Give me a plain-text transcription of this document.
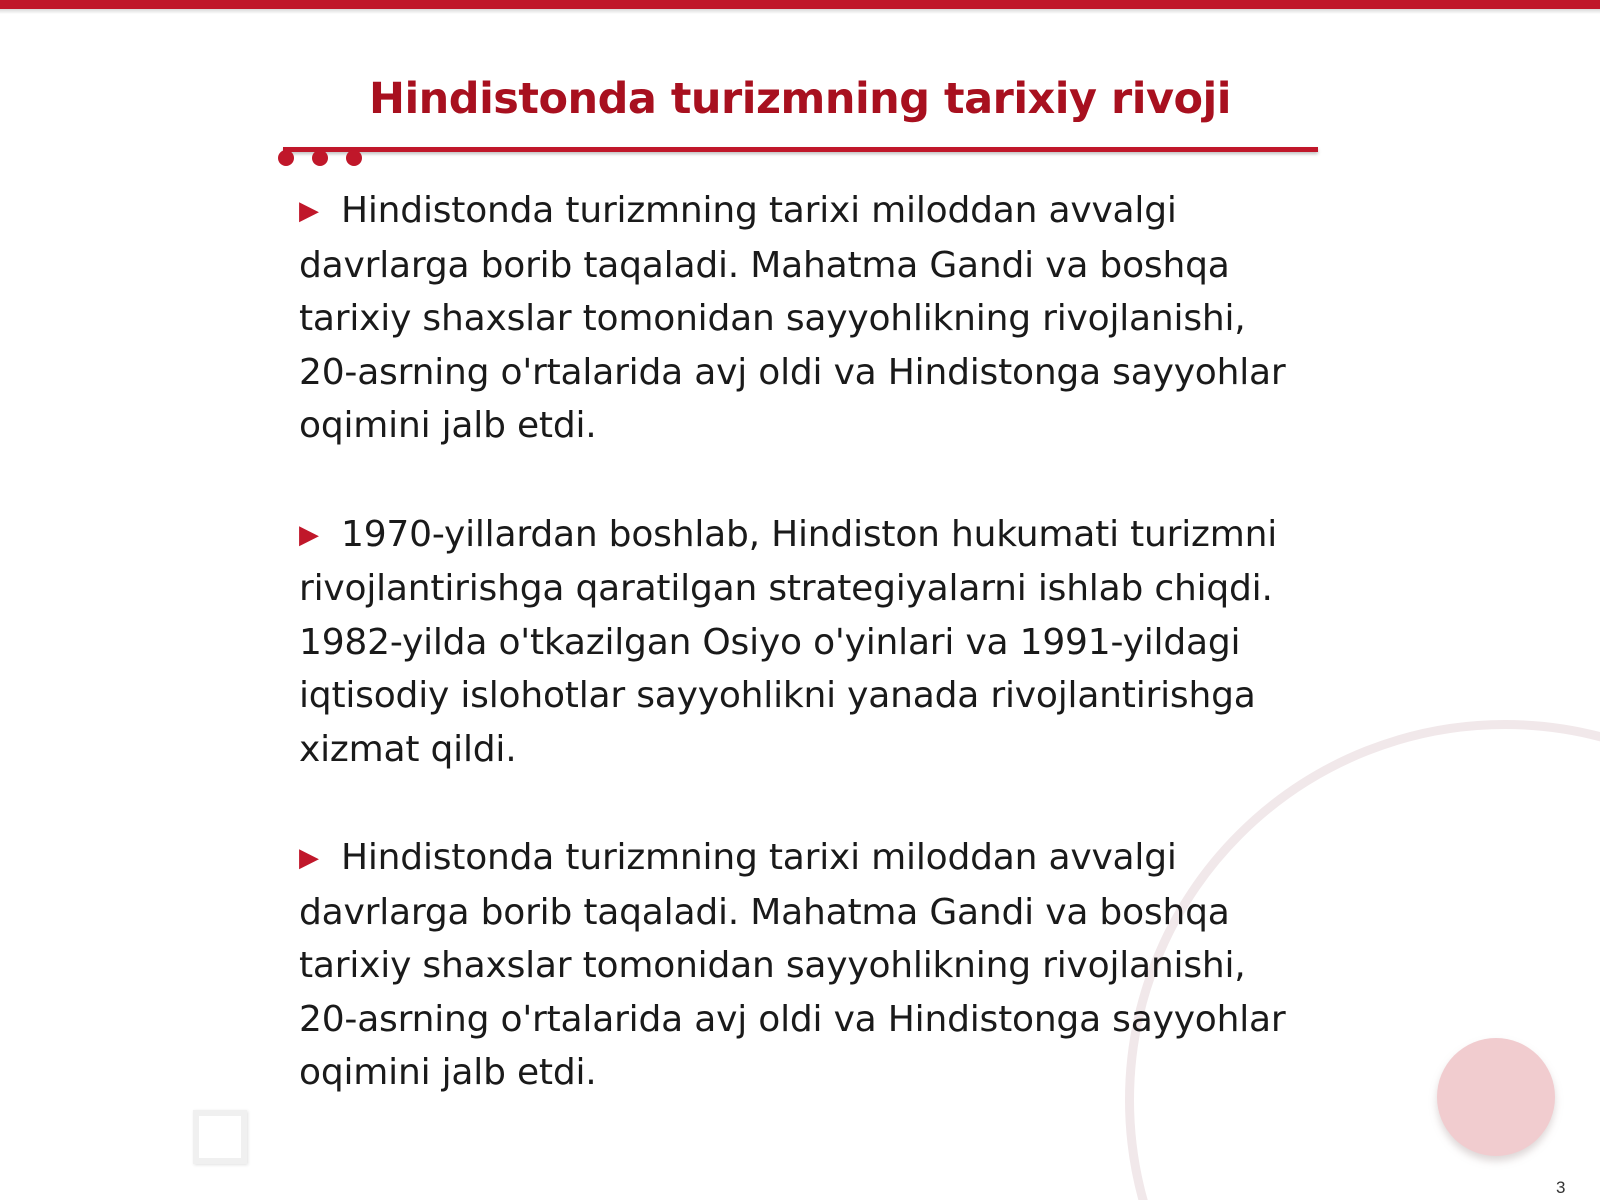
Hindistonda turizmning tarixiy rivoji
▶ Hindistonda turizmning tarixi miloddan avvalgi
davrlarga borib taqaladi. Mahatma Gandi va boshqa
tarixiy shaxslar tomonidan sayyohlikning rivojlanishi,
20-asrning o'rtalarida avj oldi va Hindistonga sayyohlar
oqimini jalb etdi.
▶ 1970-yillardan boshlab, Hindiston hukumati turizmni
rivojlantirishga qaratilgan strategiyalarni ishlab chiqdi.
1982-yilda o'tkazilgan Osiyo o'yinlari va 1991-yildagi
iqtisodiy islohotlar sayyohlikni yanada rivojlantirishga
xizmat qildi.
▶ Hindistonda turizmning tarixi miloddan avvalgi
davrlarga borib taqaladi. Mahatma Gandi va boshqa
tarixiy shaxslar tomonidan sayyohlikning rivojlanishi,
20-asrning o'rtalarida avj oldi va Hindistonga sayyohlar
oqimini jalb etdi.
3
